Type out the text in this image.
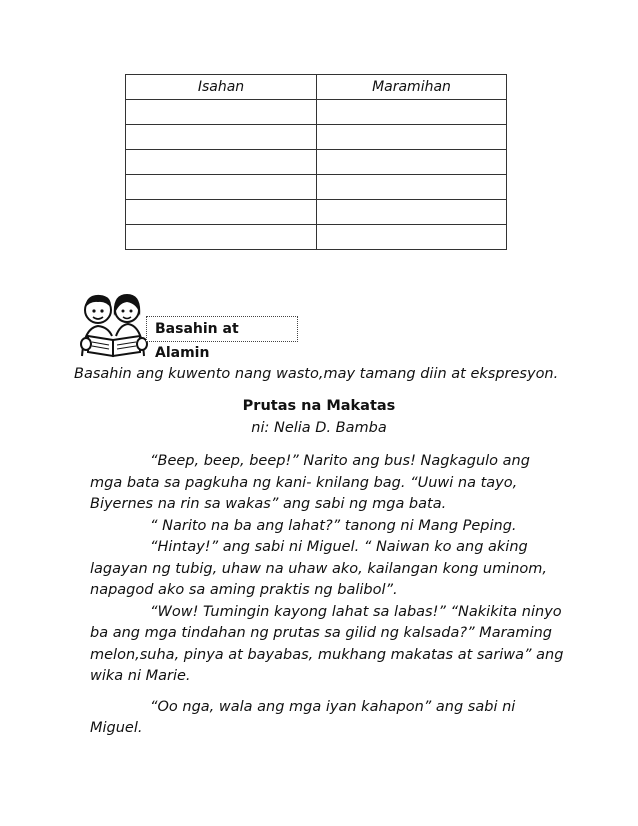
Isahan	Maramihan

Basahin at Alamin
Basahin ang kuwento nang wasto,may tamang diin at ekspresyon.
Prutas na Makatas
ni: Nelia D. Bamba
“Beep, beep, beep!” Narito ang bus! Nagkagulo ang
mga bata sa pagkuha ng kani- knilang bag. “Uuwi na tayo,
Biyernes na rin sa wakas” ang sabi ng mga bata.
“ Narito na ba ang lahat?” tanong ni Mang Peping.
“Hintay!” ang sabi ni Miguel. “ Naiwan ko ang aking
lagayan ng tubig, uhaw na uhaw ako, kailangan kong uminom,
napagod ako sa aming praktis ng balibol”.
“Wow! Tumingin kayong lahat sa labas!” “Nakikita ninyo
ba ang mga tindahan ng prutas sa gilid ng kalsada?” Maraming
melon,suha, pinya at bayabas, mukhang makatas at sariwa” ang
wika ni Marie.
“Oo nga, wala ang mga iyan kahapon” ang sabi ni
Miguel.
